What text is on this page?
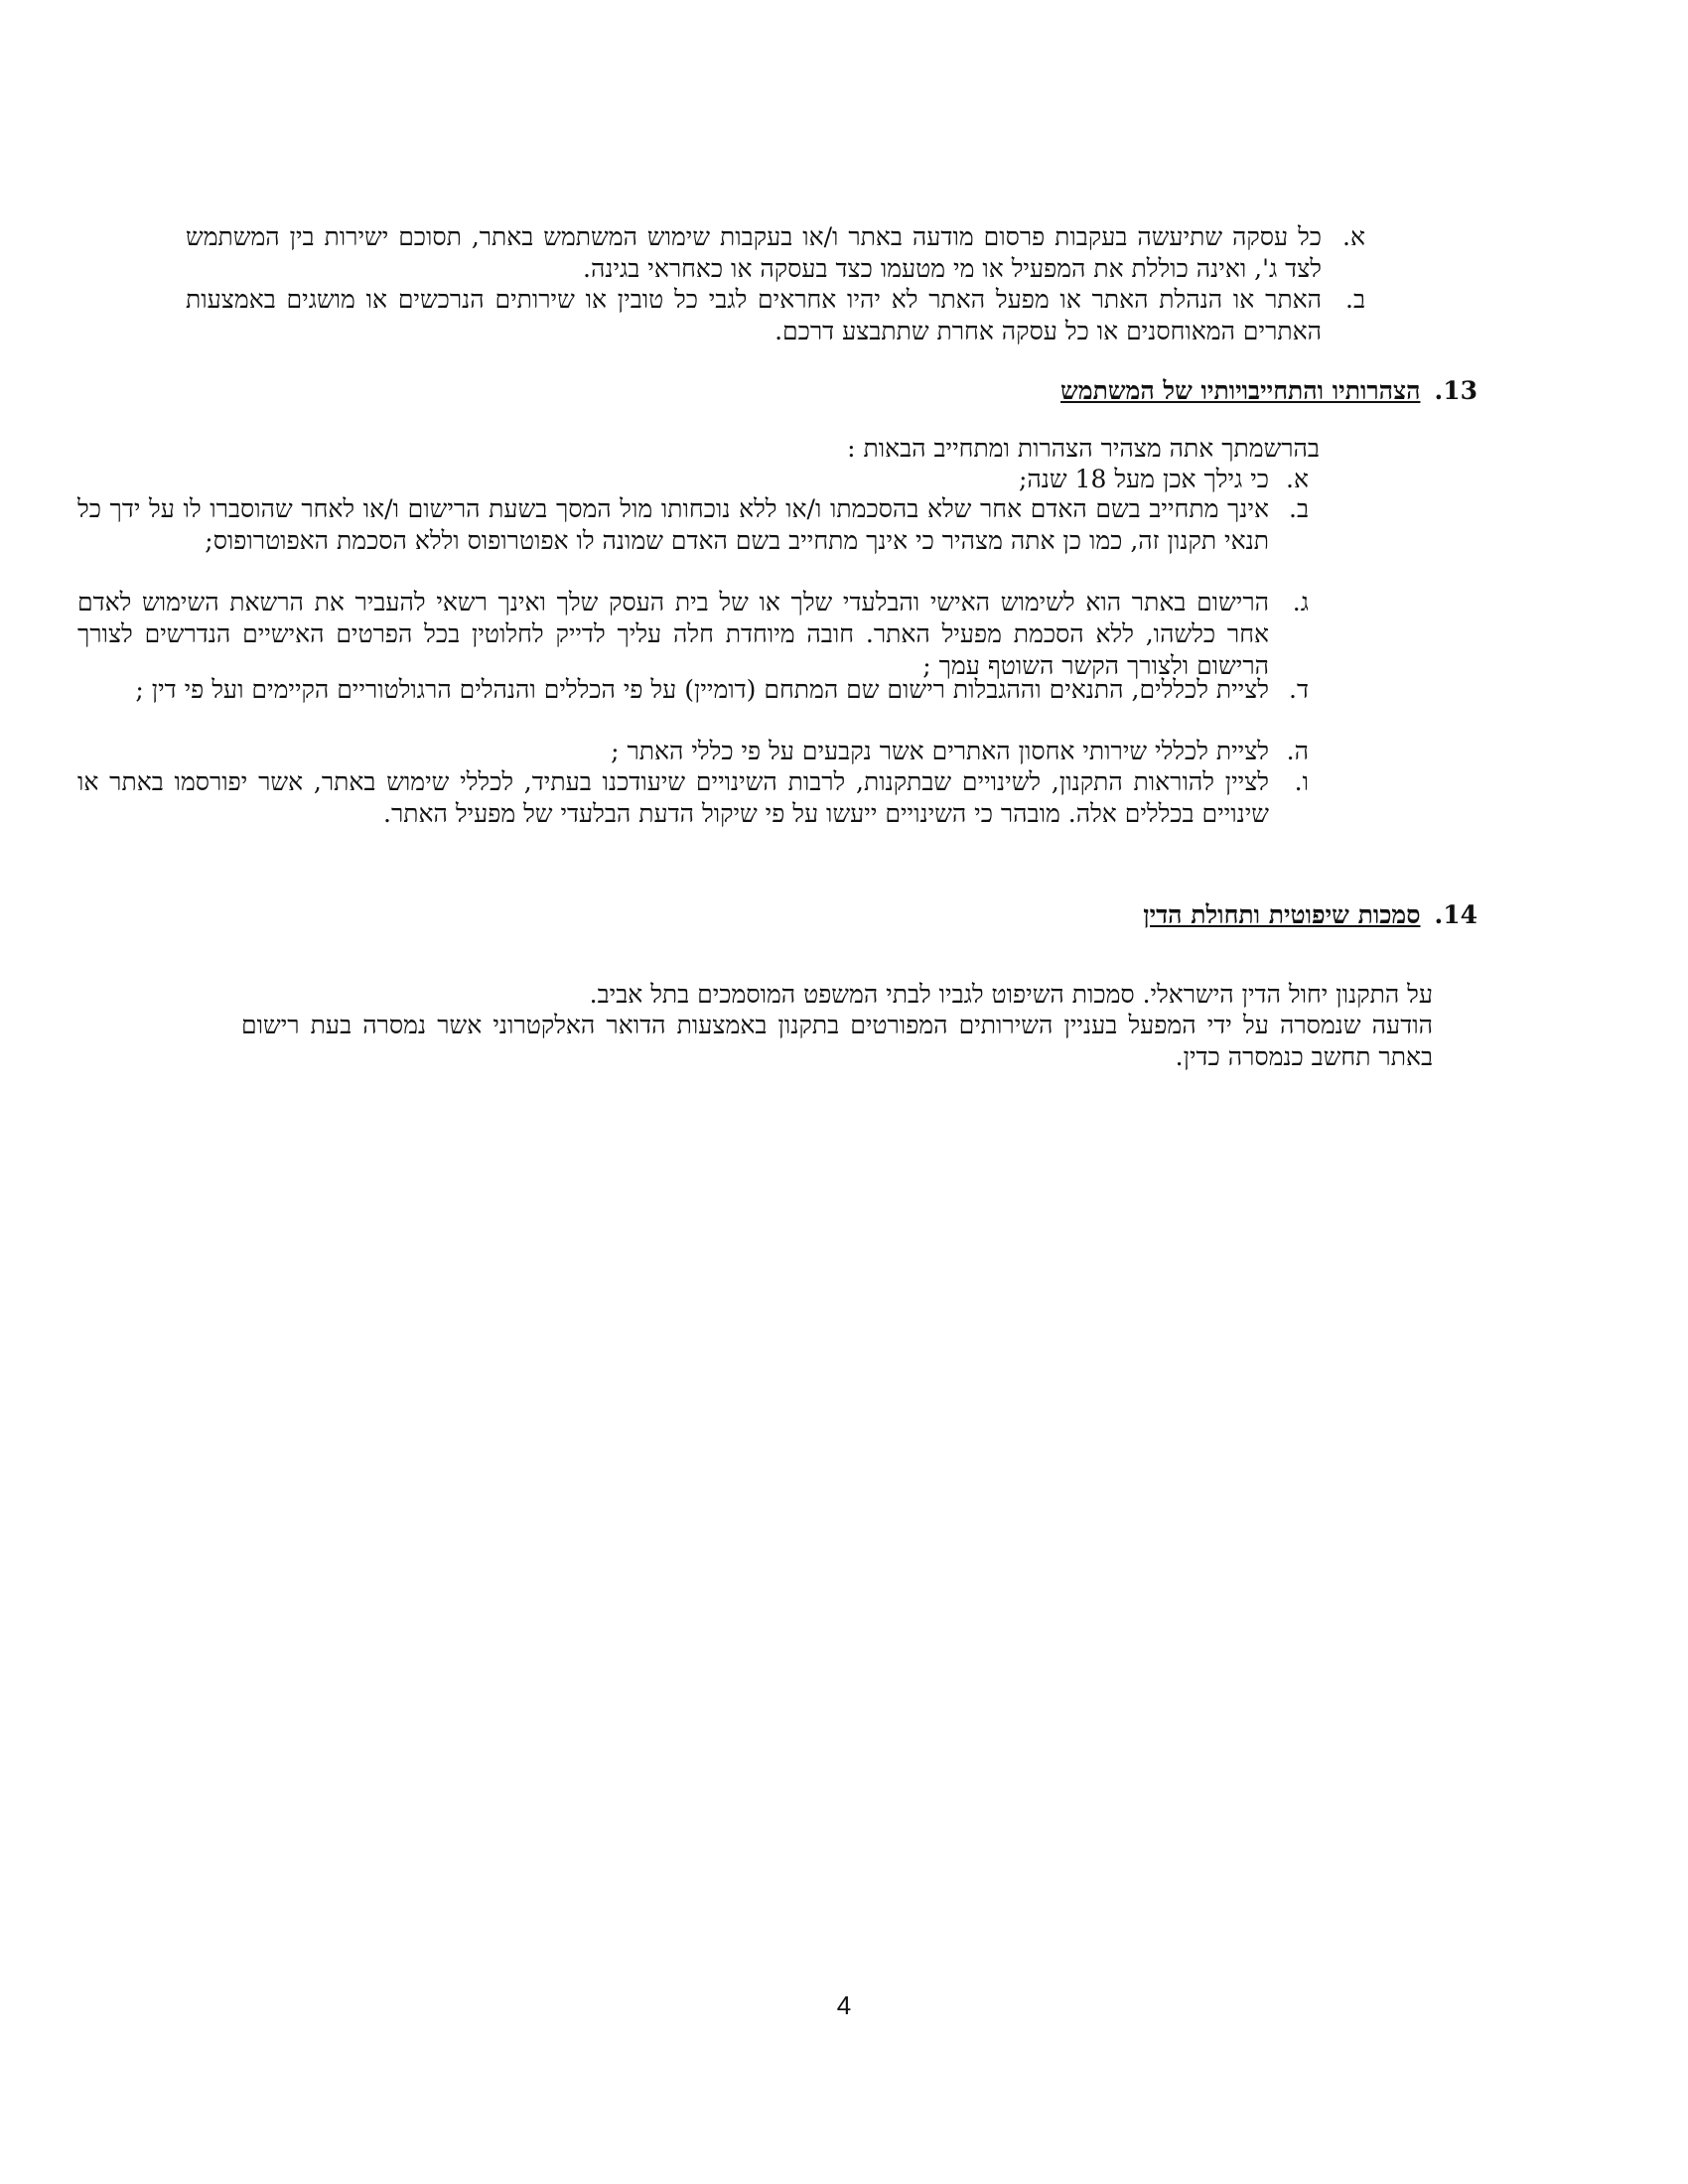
א.
כל עסקה שתיעשה בעקבות פרסום מודעה באתר ו/או בעקבות שימוש המשתמש באתר, תסוכם ישירות בין המשתמש לצד ג', ואינה כוללת את המפעיל או מי מטעמו כצד בעסקה או כאחראי בגינה.
ב.
האתר או הנהלת האתר או מפעל האתר לא יהיו אחראים לגבי כל טובין או שירותים הנרכשים או מושגים באמצעות האתרים המאוחסנים או כל עסקה אחרת שתתבצע דרכם.
13.הצהרותיו והתחייבויותיו של המשתמש
בהרשמתך אתה מצהיר הצהרות ומתחייב הבאות :
א.
כי גילך אכן מעל 18 שנה;
ב.
אינך מתחייב בשם האדם אחר שלא בהסכמתו ו/או ללא נוכחותו מול המסך בשעת הרישום ו/או לאחר שהוסברו לו על ידך כל תנאי תקנון זה, כמו כן אתה מצהיר כי אינך מתחייב בשם האדם שמונה לו אפוטרופוס וללא הסכמת האפוטרופוס;
ג.
הרישום באתר הוא לשימוש האישי והבלעדי שלך או של בית העסק שלך ואינך רשאי להעביר את הרשאת השימוש לאדם אחר כלשהו, ללא הסכמת מפעיל האתר. חובה מיוחדת חלה עליך לדייק לחלוטין בכל הפרטים האישיים הנדרשים לצורך הרישום ולצורך הקשר השוטף עמך ;
ד.
לציית לכללים, התנאים וההגבלות רישום שם המתחם (דומיין) על פי הכללים והנהלים הרגולטוריים הקיימים ועל פי דין ;
ה.
לציית לכללי שירותי אחסון האתרים אשר נקבעים על פי כללי האתר ;
ו.
לציין להוראות התקנון, לשינויים שבתקנות, לרבות השינויים שיעודכנו בעתיד, לכללי שימוש באתר, אשר יפורסמו באתר או שינויים בכללים אלה. מובהר כי השינויים ייעשו על פי שיקול הדעת הבלעדי של מפעיל האתר.
14.סמכות שיפוטית ותחולת הדין
על התקנון יחול הדין הישראלי. סמכות השיפוט לגביו לבתי המשפט המוסמכים בתל אביב.
הודעה שנמסרה על ידי המפעל בעניין השירותים המפורטים בתקנון באמצעות הדואר האלקטרוני אשר נמסרה בעת רישום באתר תחשב כנמסרה כדין.
4
